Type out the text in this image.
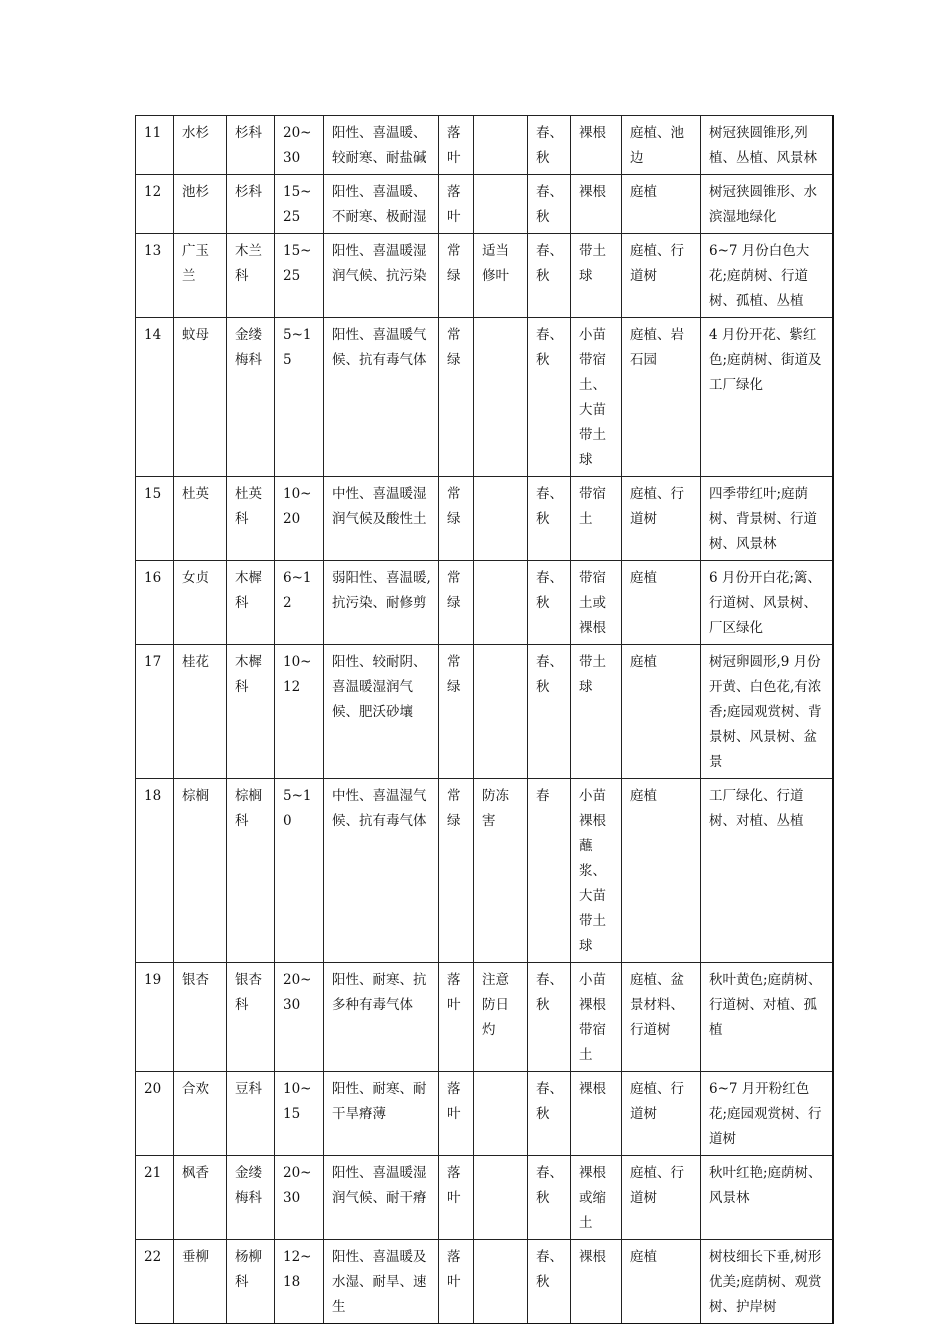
11	水杉	杉科	20~30	阳性、喜温暖、较耐寒、耐盐碱	落叶		春、秋	裸根	庭植、池边	树冠狭圆锥形,列植、丛植、风景林
12	池杉	杉科	15~25	阳性、喜温暖、不耐寒、极耐湿	落叶		春、秋	裸根	庭植	树冠狭圆锥形、水滨湿地绿化
13	广玉兰	木兰科	15~25	阳性、喜温暖湿润气候、抗污染	常绿	适当修叶	春、秋	带土球	庭植、行道树	6~7 月份白色大花;庭荫树、行道树、孤植、丛植
14	蚊母	金缕梅科	5~15	阳性、喜温暖气候、抗有毒气体	常绿		春、秋	小苗带宿土、大苗带土球	庭植、岩石园	4 月份开花、紫红色;庭荫树、街道及工厂绿化
15	杜英	杜英科	10~20	中性、喜温暖湿润气候及酸性土	常绿		春、秋	带宿土	庭植、行道树	四季带红叶;庭荫树、背景树、行道树、风景林
16	女贞	木樨科	6~12	弱阳性、喜温暖,抗污染、耐修剪	常绿		春、秋	带宿土或裸根	庭植	6 月份开白花;篱、行道树、风景树、厂区绿化
17	桂花	木樨科	10~12	阳性、较耐阴、喜温暖湿润气候、肥沃砂壤	常绿		春、秋	带土球	庭植	树冠卵圆形,9 月份开黄、白色花,有浓香;庭园观赏树、背景树、风景树、盆景
18	棕榈	棕榈科	5~10	中性、喜温湿气候、抗有毒气体	常绿	防冻害	春	小苗裸根蘸浆、大苗带土球	庭植	工厂绿化、行道树、对植、丛植
19	银杏	银杏科	20~30	阳性、耐寒、抗多种有毒气体	落叶	注意防日灼	春、秋	小苗裸根带宿土	庭植、盆景材料、行道树	秋叶黄色;庭荫树、行道树、对植、孤植
20	合欢	豆科	10~15	阳性、耐寒、耐干旱瘠薄	落叶		春、秋	裸根	庭植、行道树	6~7 月开粉红色花;庭园观赏树、行道树
21	枫香	金缕梅科	20~30	阳性、喜温暖湿润气候、耐干瘠	落叶		春、秋	裸根或缩土	庭植、行道树	秋叶红艳;庭荫树、风景林
22	垂柳	杨柳科	12~18	阳性、喜温暖及水湿、耐旱、速生	落叶		春、秋	裸根	庭植	树枝细长下垂,树形优美;庭荫树、观赏树、护岸树
